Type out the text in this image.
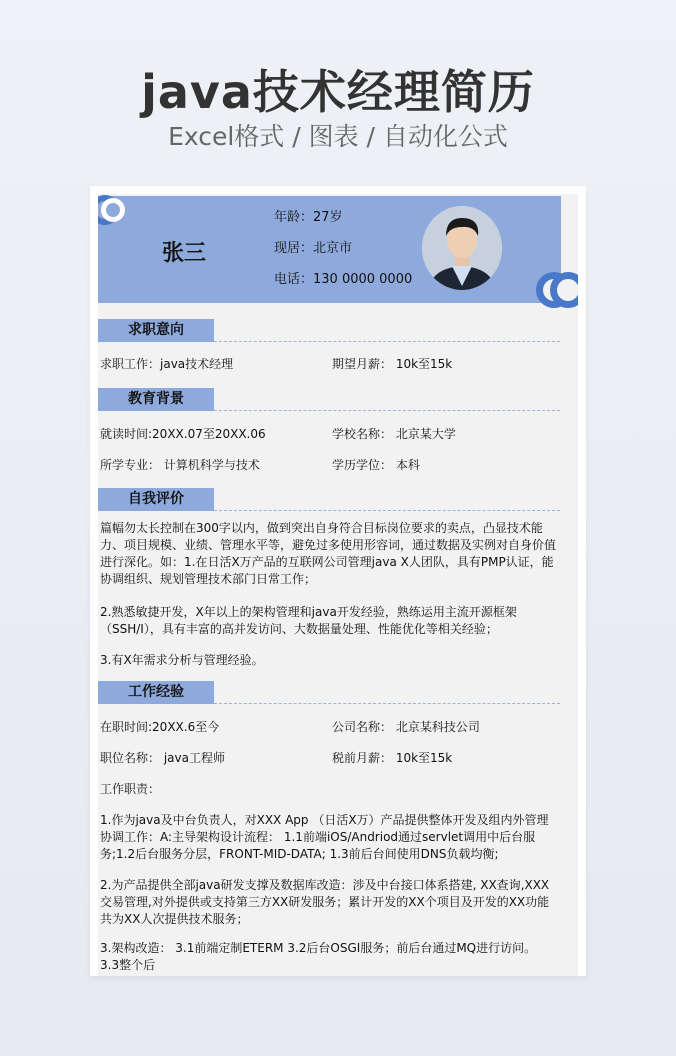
java技术经理简历
Excel格式 / 图表 / 自动化公式
张三
年龄：27岁
现居：北京市
电话：130 0000 0000
求职意向
求职工作：java技术经理	期望月薪： 10k至15k
教育背景
就读时间:20XX.07至20XX.06	学校名称： 北京某大学
所学专业： 计算机科学与技术	学历学位： 本科
自我评价
篇幅勿太长控制在300字以内，做到突出自身符合目标岗位要求的卖点，凸显技术能力、项目规模、业绩、管理水平等，避免过多使用形容词，通过数据及实例对自身价值进行深化。如：1.在日活X万产品的互联网公司管理java X人团队，具有PMP认证，能协调组织、规划管理技术部门日常工作；
2.熟悉敏捷开发，X年以上的架构管理和java开发经验，熟练运用主流开源框架（SSH/I），具有丰富的高并发访问、大数据量处理、性能优化等相关经验；
3.有X年需求分析与管理经验。
工作经验
在职时间:20XX.6至今	公司名称： 北京某科技公司
职位名称： java工程师	税前月薪： 10k至15k
工作职责：
1.作为java及中台负责人，对XXX App （日活X万）产品提供整体开发及组内外管理协调工作：A:主导架构设计流程： 1.1前端iOS/Andriod通过servlet调用中后台服务;1.2后台服务分层，FRONT-MID-DATA; 1.3前后台间使用DNS负载均衡;
2.为产品提供全部java研发支撑及数据库改造：涉及中台接口体系搭建, XX查询,XXX交易管理,对外提供或支持第三方XX研发服务；累计开发的XX个项目及开发的XX功能共为XX人次提供技术服务；
3.架构改造： 3.1前端定制ETERM 3.2后台OSGI服务；前后台通过MQ进行访问。 3.3整个后
